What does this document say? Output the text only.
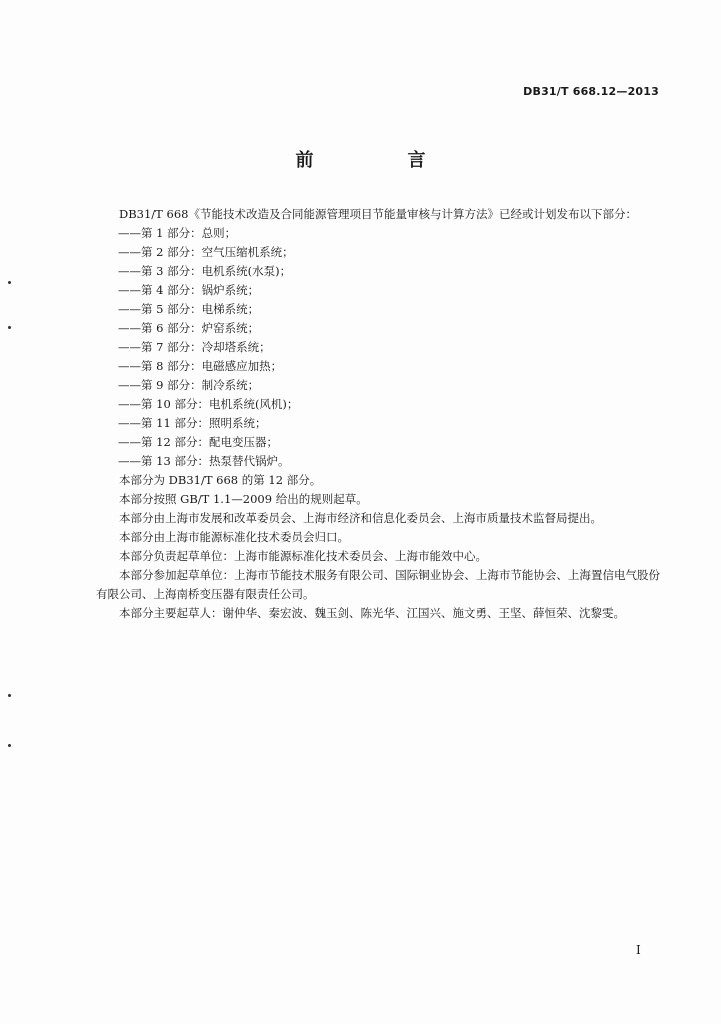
DB31/T 668.12—2013
前　言

DB31/T 668《节能技术改造及合同能源管理项目节能量审核与计算方法》已经或计划发布以下部分：

——第 1 部分：总则；

——第 2 部分：空气压缩机系统；

——第 3 部分：电机系统(水泵)；

——第 4 部分：锅炉系统；

——第 5 部分：电梯系统；

——第 6 部分：炉窑系统；

——第 7 部分：冷却塔系统；

——第 8 部分：电磁感应加热；

——第 9 部分：制冷系统；

——第 10 部分：电机系统(风机)；

——第 11 部分：照明系统；

——第 12 部分：配电变压器；

——第 13 部分：热泵替代锅炉。

本部分为 DB31/T 668 的第 12 部分。

本部分按照 GB/T 1.1—2009 给出的规则起草。

本部分由上海市发展和改革委员会、上海市经济和信息化委员会、上海市质量技术监督局提出。

本部分由上海市能源标准化技术委员会归口。

本部分负责起草单位：上海市能源标准化技术委员会、上海市能效中心。

本部分参加起草单位：上海市节能技术服务有限公司、国际铜业协会、上海市节能协会、上海置信电气股份有限公司、上海南桥变压器有限责任公司。

本部分主要起草人：谢仲华、秦宏波、魏玉剑、陈光华、江国兴、施文勇、王坚、薛恒荣、沈黎雯。

I
